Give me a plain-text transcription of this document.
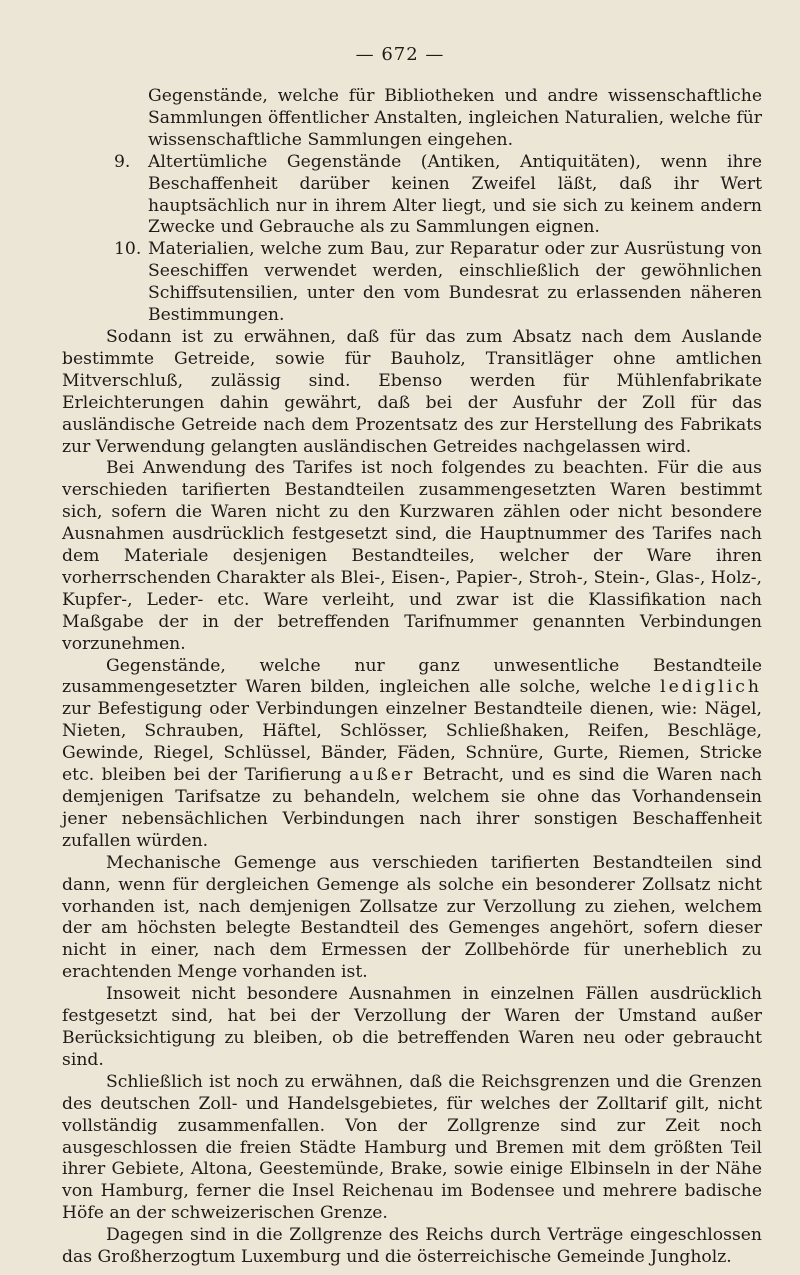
— 672 —

Gegenstände, welche für Bibliotheken und andre wissenschaftliche Sammlungen öffentlicher Anstalten, ingleichen Naturalien, welche für wissenschaftliche Sammlungen eingehen.

9. Altertümliche Gegenstände (Antiken, Antiquitäten), wenn ihre Beschaffenheit darüber keinen Zweifel läßt, daß ihr Wert hauptsächlich nur in ihrem Alter liegt, und sie sich zu keinem andern Zwecke und Gebrauche als zu Sammlungen eignen.

10. Materialien, welche zum Bau, zur Reparatur oder zur Ausrüstung von Seeschiffen verwendet werden, einschließlich der gewöhnlichen Schiffsutensilien, unter den vom Bundesrat zu erlassenden näheren Bestimmungen.

Sodann ist zu erwähnen, daß für das zum Absatz nach dem Auslande bestimmte Getreide, sowie für Bauholz, Transitläger ohne amtlichen Mitverschluß, zulässig sind. Ebenso werden für Mühlenfabrikate Erleichterungen dahin gewährt, daß bei der Ausfuhr der Zoll für das ausländische Getreide nach dem Prozentsatz des zur Herstellung des Fabrikats zur Verwendung gelangten ausländischen Getreides nachgelassen wird.

Bei Anwendung des Tarifes ist noch folgendes zu beachten. Für die aus verschieden tarifierten Bestandteilen zusammengesetzten Waren bestimmt sich, sofern die Waren nicht zu den Kurzwaren zählen oder nicht besondere Ausnahmen ausdrücklich festgesetzt sind, die Hauptnummer des Tarifes nach dem Materiale desjenigen Bestandteiles, welcher der Ware ihren vorherrschenden Charakter als Blei-, Eisen-, Papier-, Stroh-, Stein-, Glas-, Holz-, Kupfer-, Leder- etc. Ware verleiht, und zwar ist die Klassifikation nach Maßgabe der in der betreffenden Tarifnummer genannten Verbindungen vorzunehmen.

Gegenstände, welche nur ganz unwesentliche Bestandteile zusammengesetzter Waren bilden, ingleichen alle solche, welche lediglich zur Befestigung oder Verbindungen einzelner Bestandteile dienen, wie: Nägel, Nieten, Schrauben, Häftel, Schlösser, Schließhaken, Reifen, Beschläge, Gewinde, Riegel, Schlüssel, Bänder, Fäden, Schnüre, Gurte, Riemen, Stricke etc. bleiben bei der Tarifierung außer Betracht, und es sind die Waren nach demjenigen Tarifsatze zu behandeln, welchem sie ohne das Vorhandensein jener nebensächlichen Verbindungen nach ihrer sonstigen Beschaffenheit zufallen würden.

Mechanische Gemenge aus verschieden tarifierten Bestandteilen sind dann, wenn für dergleichen Gemenge als solche ein besonderer Zollsatz nicht vorhanden ist, nach demjenigen Zollsatze zur Verzollung zu ziehen, welchem der am höchsten belegte Bestandteil des Gemenges angehört, sofern dieser nicht in einer, nach dem Ermessen der Zollbehörde für unerheblich zu erachtenden Menge vorhanden ist.

Insoweit nicht besondere Ausnahmen in einzelnen Fällen ausdrücklich festgesetzt sind, hat bei der Verzollung der Waren der Umstand außer Berücksichtigung zu bleiben, ob die betreffenden Waren neu oder gebraucht sind.

Schließlich ist noch zu erwähnen, daß die Reichsgrenzen und die Grenzen des deutschen Zoll- und Handelsgebietes, für welches der Zolltarif gilt, nicht vollständig zusammenfallen. Von der Zollgrenze sind zur Zeit noch ausgeschlossen die freien Städte Hamburg und Bremen mit dem größten Teil ihrer Gebiete, Altona, Geestemünde, Brake, sowie einige Elbinseln in der Nähe von Hamburg, ferner die Insel Reichenau im Bodensee und mehrere badische Höfe an der schweizerischen Grenze.

Dagegen sind in die Zollgrenze des Reichs durch Verträge eingeschlossen das Großherzogtum Luxemburg und die österreichische Gemeinde Jungholz.
